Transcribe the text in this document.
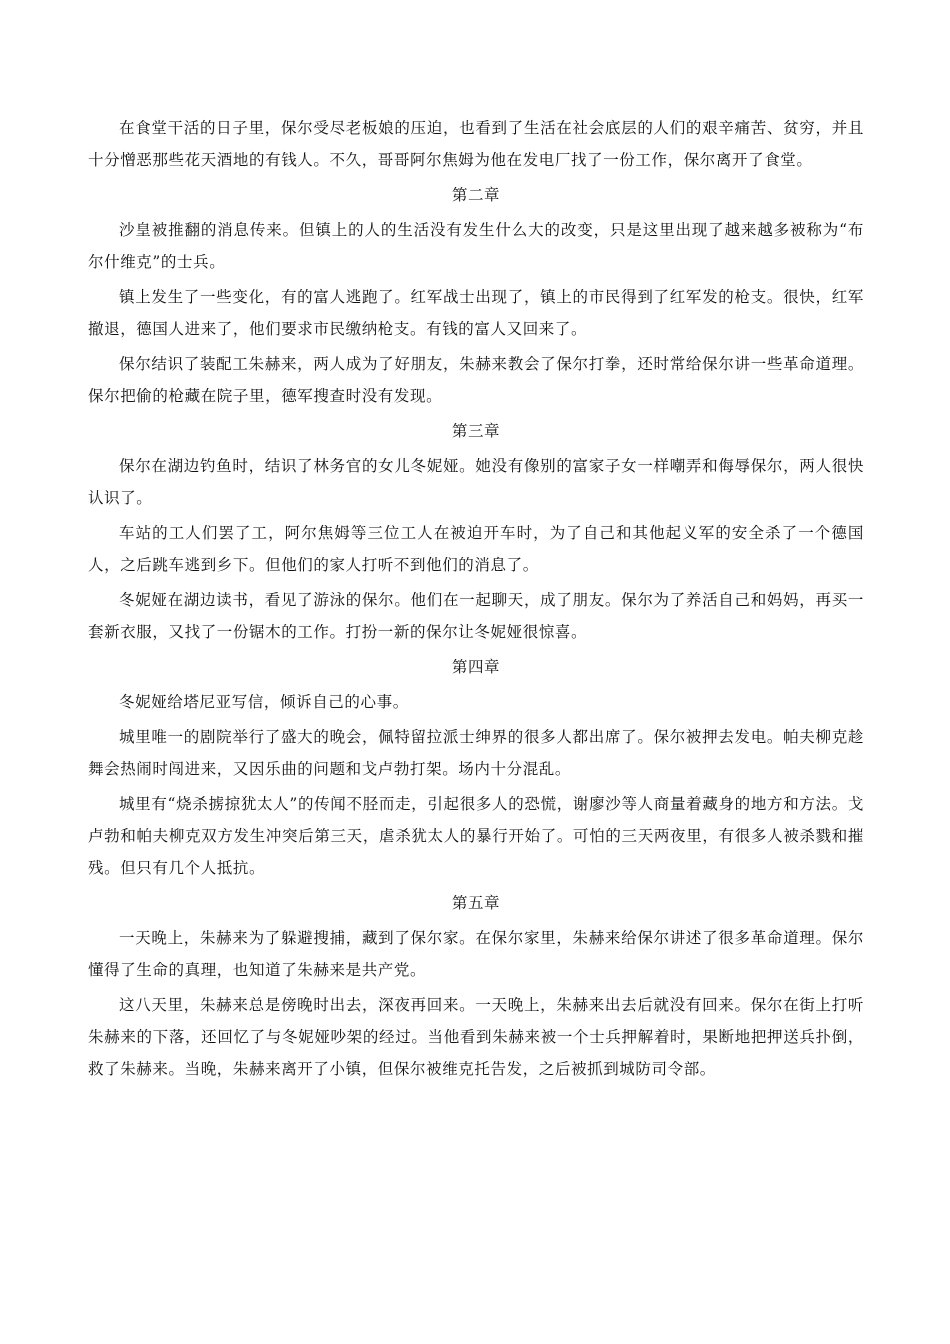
在食堂干活的日子里，保尔受尽老板娘的压迫，也看到了生活在社会底层的人们的艰辛痛苦、贫穷，并且十分憎恶那些花天酒地的有钱人。不久，哥哥阿尔焦姆为他在发电厂找了一份工作，保尔离开了食堂。

第二章

沙皇被推翻的消息传来。但镇上的人的生活没有发生什么大的改变，只是这里出现了越来越多被称为“布尔什维克”的士兵。

镇上发生了一些变化，有的富人逃跑了。红军战士出现了，镇上的市民得到了红军发的枪支。很快，红军撤退，德国人进来了，他们要求市民缴纳枪支。有钱的富人又回来了。

保尔结识了装配工朱赫来，两人成为了好朋友，朱赫来教会了保尔打拳，还时常给保尔讲一些革命道理。保尔把偷的枪藏在院子里，德军搜查时没有发现。

第三章

保尔在湖边钓鱼时，结识了林务官的女儿冬妮娅。她没有像别的富家子女一样嘲弄和侮辱保尔，两人很快认识了。

车站的工人们罢了工，阿尔焦姆等三位工人在被迫开车时，为了自己和其他起义军的安全杀了一个德国人，之后跳车逃到乡下。但他们的家人打听不到他们的消息了。

冬妮娅在湖边读书，看见了游泳的保尔。他们在一起聊天，成了朋友。保尔为了养活自己和妈妈，再买一套新衣服，又找了一份锯木的工作。打扮一新的保尔让冬妮娅很惊喜。

第四章

冬妮娅给塔尼亚写信，倾诉自己的心事。

城里唯一的剧院举行了盛大的晚会，佩特留拉派士绅界的很多人都出席了。保尔被押去发电。帕夫柳克趁舞会热闹时闯进来，又因乐曲的问题和戈卢勃打架。场内十分混乱。

城里有“烧杀掳掠犹太人”的传闻不胫而走，引起很多人的恐慌，谢廖沙等人商量着藏身的地方和方法。戈卢勃和帕夫柳克双方发生冲突后第三天，虐杀犹太人的暴行开始了。可怕的三天两夜里，有很多人被杀戮和摧残。但只有几个人抵抗。

第五章

一天晚上，朱赫来为了躲避搜捕，藏到了保尔家。在保尔家里，朱赫来给保尔讲述了很多革命道理。保尔懂得了生命的真理，也知道了朱赫来是共产党。

这八天里，朱赫来总是傍晚时出去，深夜再回来。一天晚上，朱赫来出去后就没有回来。保尔在街上打听朱赫来的下落，还回忆了与冬妮娅吵架的经过。当他看到朱赫来被一个士兵押解着时，果断地把押送兵扑倒，救了朱赫来。当晚，朱赫来离开了小镇，但保尔被维克托告发，之后被抓到城防司令部。
